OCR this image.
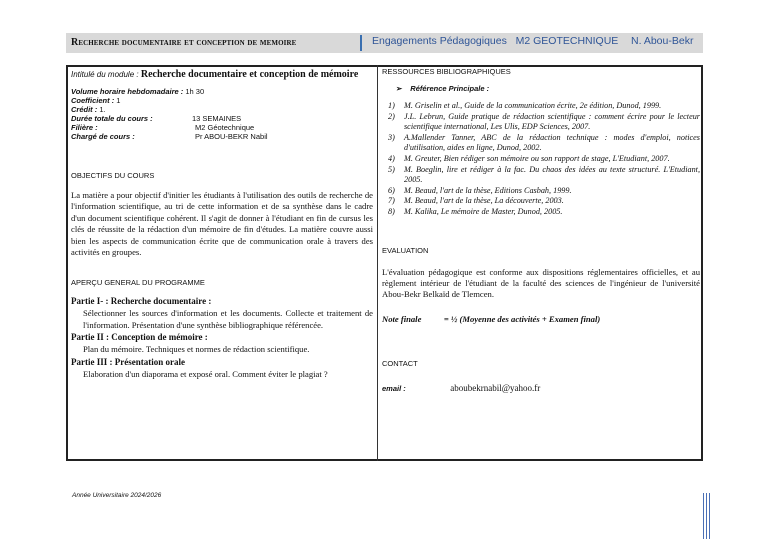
Recherche documentaire et conception de memoire	Engagements Pédagogiques   M2 GEOTECHNIQUE N. Abou-Bekr
Intitulé du module : Recherche documentaire et conception de mémoire
Volume horaire hebdomadaire : 1h 30
Coefficient : 1
Crédit : 1.
Durée totale du cours :	13 SEMAINES
Filière :	M2 Géotechnique
Chargé de cours :	Pr ABOU-BEKR Nabil
OBJECTIFS DU COURS

La matière a pour objectif d'initier les étudiants à l'utilisation des outils de recherche de l'information scientifique, au tri de cette information et de sa synthèse dans le cadre d'un document scientifique cohérent. Il s'agit de donner à l'étudiant en fin de cursus les clés de réussite de la rédaction d'un mémoire de fin d'études. La matière couvre aussi bien les aspects de communication écrite que de communication orale à travers des activités en groupes.

APERÇU GENERAL DU PROGRAMME
Partie I- : Recherche documentaire :
Sélectionner les sources d'information et les documents. Collecte et traitement de l'information. Présentation d'une synthèse bibliographique référencée.
Partie II : Conception de mémoire :
Plan du mémoire. Techniques et normes de rédaction scientifique.
Partie III : Présentation orale
Elaboration d'un diaporama et exposé oral. Comment éviter le plagiat ?
RESSOURCES BIBLIOGRAPHIQUES
➢ Référence Principale :
1) M. Griselin et al., Guide de la communication écrite, 2e édition, Dunod, 1999.
2) J.L. Lebrun, Guide pratique de rédaction scientifique : comment écrire pour le lecteur scientifique international, Les Ulis, EDP Sciences, 2007.
3) A.Mallender Tanner, ABC de la rédaction technique : modes d'emploi, notices d'utilisation, aides en ligne, Dunod, 2002.
4) M. Greuter, Bien rédiger son mémoire ou son rapport de stage, L'Etudiant, 2007.
5) M. Boeglin, lire et rédiger à la fac. Du chaos des idées au texte structuré. L'Etudiant, 2005.
6) M. Beaud, l'art de la thèse, Editions Casbah, 1999.
7) M. Beaud, l'art de la thèse, La découverte, 2003.
8) M. Kalika, Le mémoire de Master, Dunod, 2005.
EVALUATION

L'évaluation pédagogique est conforme aux dispositions réglementaires officielles, et au règlement intérieur de l'étudiant de la faculté des sciences de l'ingénieur de l'université Abou-Bekr Belkaïd de Tlemcen.

Note finale	= ½ (Moyenne des activités + Examen final)
CONTACT
email :	aboubekrnabil@yahoo.fr
Année Universitaire 2024/2026
